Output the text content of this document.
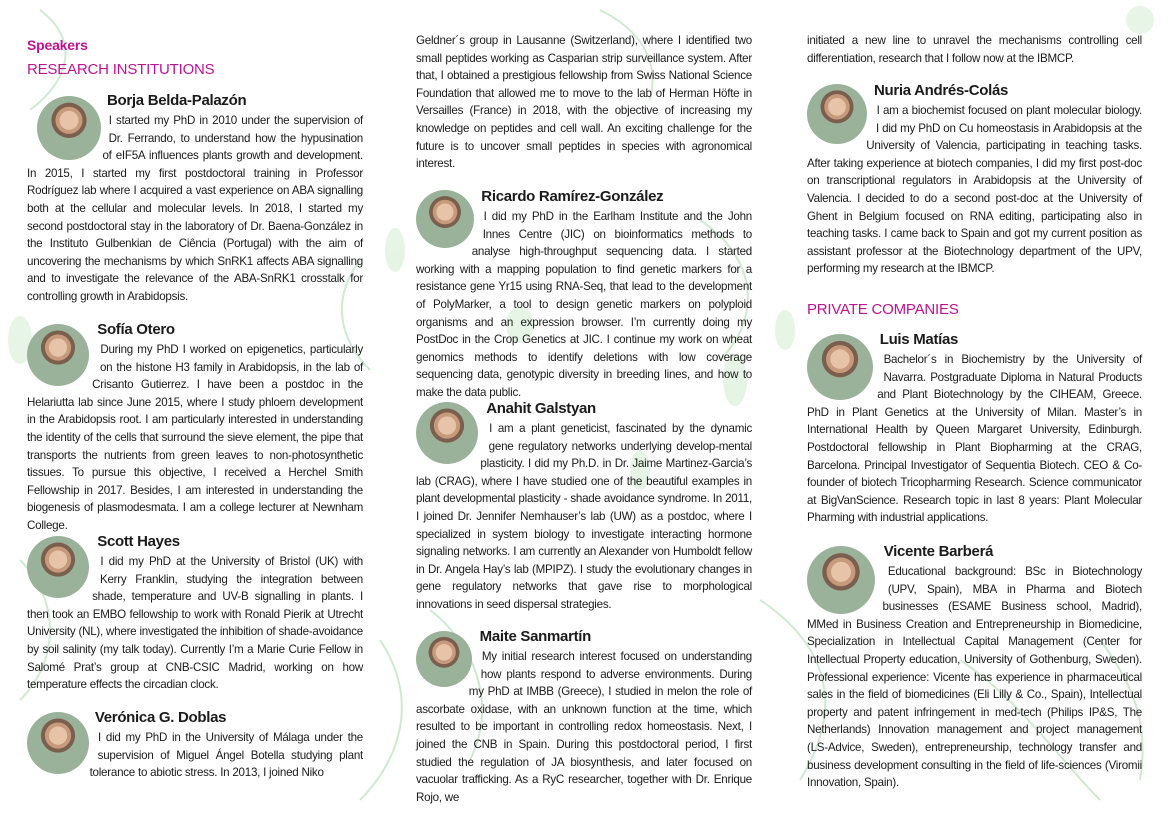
Speakers
RESEARCH INSTITUTIONS
Borja Belda-Palazón

I started my PhD in 2010 under the supervision of Dr. Ferrando, to understand how the hypusination of eIF5A influences plants growth and development. In 2015, I started my first postdoctoral training in Professor Rodríguez lab where I acquired a vast experience on ABA signalling both at the cellular and molecular levels. In 2018, I started my second postdoctoral stay in the laboratory of Dr. Baena-González in the Instituto Gulbenkian de Ciência (Portugal) with the aim of uncovering the mechanisms by which SnRK1 affects ABA signalling and to investigate the relevance of the ABA-SnRK1 crosstalk for controlling growth in Arabidopsis.

Sofía Otero

During my PhD I worked on epigenetics, particularly on the histone H3 family in Arabidopsis, in the lab of Crisanto Gutierrez. I have been a postdoc in the Helariutta lab since June 2015, where I study phloem development in the Arabidopsis root. I am particularly interested in understanding the identity of the cells that surround the sieve element, the pipe that transports the nutrients from green leaves to non-photosynthetic tissues. To pursue this objective, I received a Herchel Smith Fellowship in 2017. Besides, I am interested in understanding the biogenesis of plasmodesmata. I am a college lecturer at Newnham College.

Scott Hayes

I did my PhD at the University of Bristol (UK) with Kerry Franklin, studying the integration between shade, temperature and UV-B signalling in plants. I then took an EMBO fellowship to work with Ronald Pierik at Utrecht University (NL), where investigated the inhibition of shade-avoidance by soil salinity (my talk today). Currently I’m a Marie Curie Fellow in Salomé Prat’s group at CNB-CSIC Madrid, working on how temperature effects the circadian clock.

Verónica G. Doblas

I did my PhD in the University of Málaga under the supervision of Miguel Ángel Botella studying plant tolerance to abiotic stress. In 2013, I joined Niko

Geldner´s group in Lausanne (Switzerland), where I identified two small peptides working as Casparian strip surveillance system. After that, I obtained a prestigious fellowship from Swiss National Science Foundation that allowed me to move to the lab of Herman Höfte in Versailles (France) in 2018, with the objective of increasing my knowledge on peptides and cell wall. An exciting challenge for the future is to uncover small peptides in species with agronomical interest.

Ricardo Ramírez-González

I did my PhD in the Earlham Institute and the John Innes Centre (JIC) on bioinformatics methods to analyse high-throughput sequencing data. I started working with a mapping population to find genetic markers for a resistance gene Yr15 using RNA-Seq, that lead to the development of PolyMarker, a tool to design genetic markers on polyploid organisms and an expression browser. I’m currently doing my PostDoc in the Crop Genetics at JIC. I continue my work on wheat genomics methods to identify deletions with low coverage sequencing data, genotypic diversity in breeding lines, and how to make the data public.

Anahit Galstyan

I am a plant geneticist, fascinated by the dynamic gene regulatory networks underlying develop-mental plasticity. I did my Ph.D. in Dr. Jaime Martinez-Garcia’s lab (CRAG), where I have studied one of the beautiful examples in plant developmental plasticity - shade avoidance syndrome. In 2011, I joined Dr. Jennifer Nemhauser’s lab (UW) as a postdoc, where I specialized in system biology to investigate interacting hormone signaling networks. I am currently an Alexander von Humboldt fellow in Dr. Angela Hay’s lab (MPIPZ). I study the evolutionary changes in gene regulatory networks that gave rise to morphological innovations in seed dispersal strategies.

Maite Sanmartín

My initial research interest focused on understanding how plants respond to adverse environments. During my PhD at IMBB (Greece), I studied in melon the role of ascorbate oxidase, with an unknown function at the time, which resulted to be important in controlling redox homeostasis. Next, I joined the CNB in Spain. During this postdoctoral period, I first studied the regulation of JA biosynthesis, and later focused on vacuolar trafficking. As a RyC researcher, together with Dr. Enrique Rojo, we

initiated a new line to unravel the mechanisms controlling cell differentiation, research that I follow now at the IBMCP.

Nuria Andrés-Colás

I am a biochemist focused on plant molecular biology. I did my PhD on Cu homeostasis in Arabidopsis at the University of Valencia, participating in teaching tasks. After taking experience at biotech companies, I did my first post-doc on transcriptional regulators in Arabidopsis at the University of Valencia. I decided to do a second post-doc at the University of Ghent in Belgium focused on RNA editing, participating also in teaching tasks. I came back to Spain and got my current position as assistant professor at the Biotechnology department of the UPV, performing my research at the IBMCP.

PRIVATE COMPANIES
Luis Matías

Bachelor´s in Biochemistry by the University of Navarra. Postgraduate Diploma in Natural Products and Plant Biotechnology by the CIHEAM, Greece. PhD in Plant Genetics at the University of Milan. Master’s in International Health by Queen Margaret University, Edinburgh. Postdoctoral fellowship in Plant Biopharming at the CRAG, Barcelona. Principal Investigator of Sequentia Biotech. CEO & Co-founder of biotech Tricopharming Research. Science communicator at BigVanScience. Research topic in last 8 years: Plant Molecular Pharming with industrial applications.

Vicente Barberá

Educational background: BSc in Biotechnology (UPV, Spain), MBA in Pharma and Biotech businesses (ESAME Business school, Madrid), MMed in Business Creation and Entrepreneurship in Biomedicine, Specialization in Intellectual Capital Management (Center for Intellectual Property education, University of Gothenburg, Sweden). Professional experience: Vicente has experience in pharmaceutical sales in the field of biomedicines (Eli Lilly & Co., Spain), Intellectual property and patent infringement in med-tech (Philips IP&S, The Netherlands) Innovation management and project management (LS-Advice, Sweden), entrepreneurship, technology transfer and business development consulting in the field of life-sciences (Viromii Innovation, Spain).
